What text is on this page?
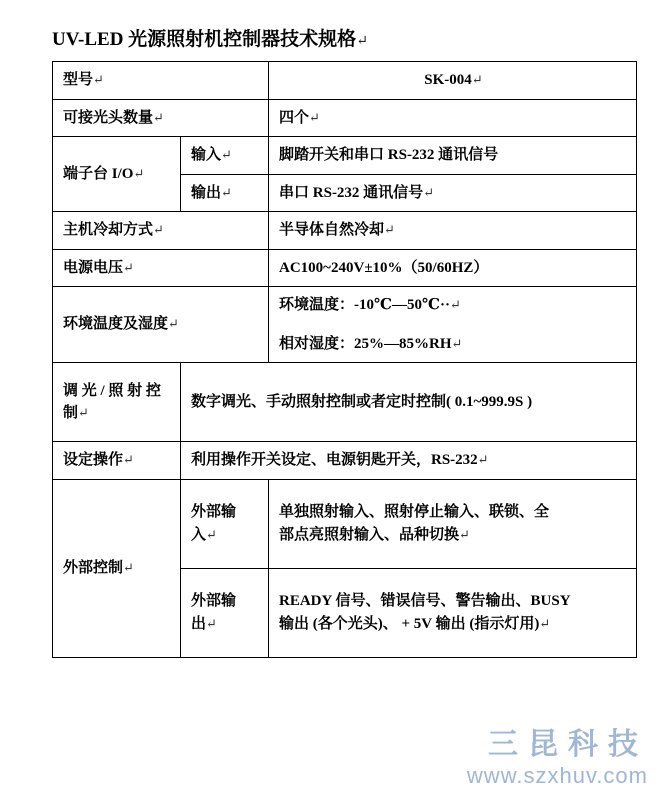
UV-LED 光源照射机控制器技术规格↵
型号↵		SK-004↵
可接光头数量↵		四个↵
端子台 I/O↵	输入↵	脚踏开关和串口 RS-232 通讯信号
	输出↵	串口 RS-232 通讯信号↵
主机冷却方式↵		半导体自然冷却↵
电源电压↵		AC100~240V±10%（50/60HZ）
环境温度及湿度↵		环境温度：-10℃—50℃··↵
相对湿度：25%—85%RH↵

调 光 / 照 射 控 制↵	数字调光、手动照射控制或者定时控制( 0.1~999.9S )	
设定操作↵	利用操作开关设定、电源钥匙开关，RS-232↵	
外部控制↵	外部输
入↵	单独照射输入、照射停止输入、联锁、全
部点亮照射输入、品种切换↵

	外部输
出↵	READY 信号、错误信号、警告输出、BUSY
输出 (各个光头)、 + 5V 输出 (指示灯用)↵
三昆科技
www.szxhuv.com
